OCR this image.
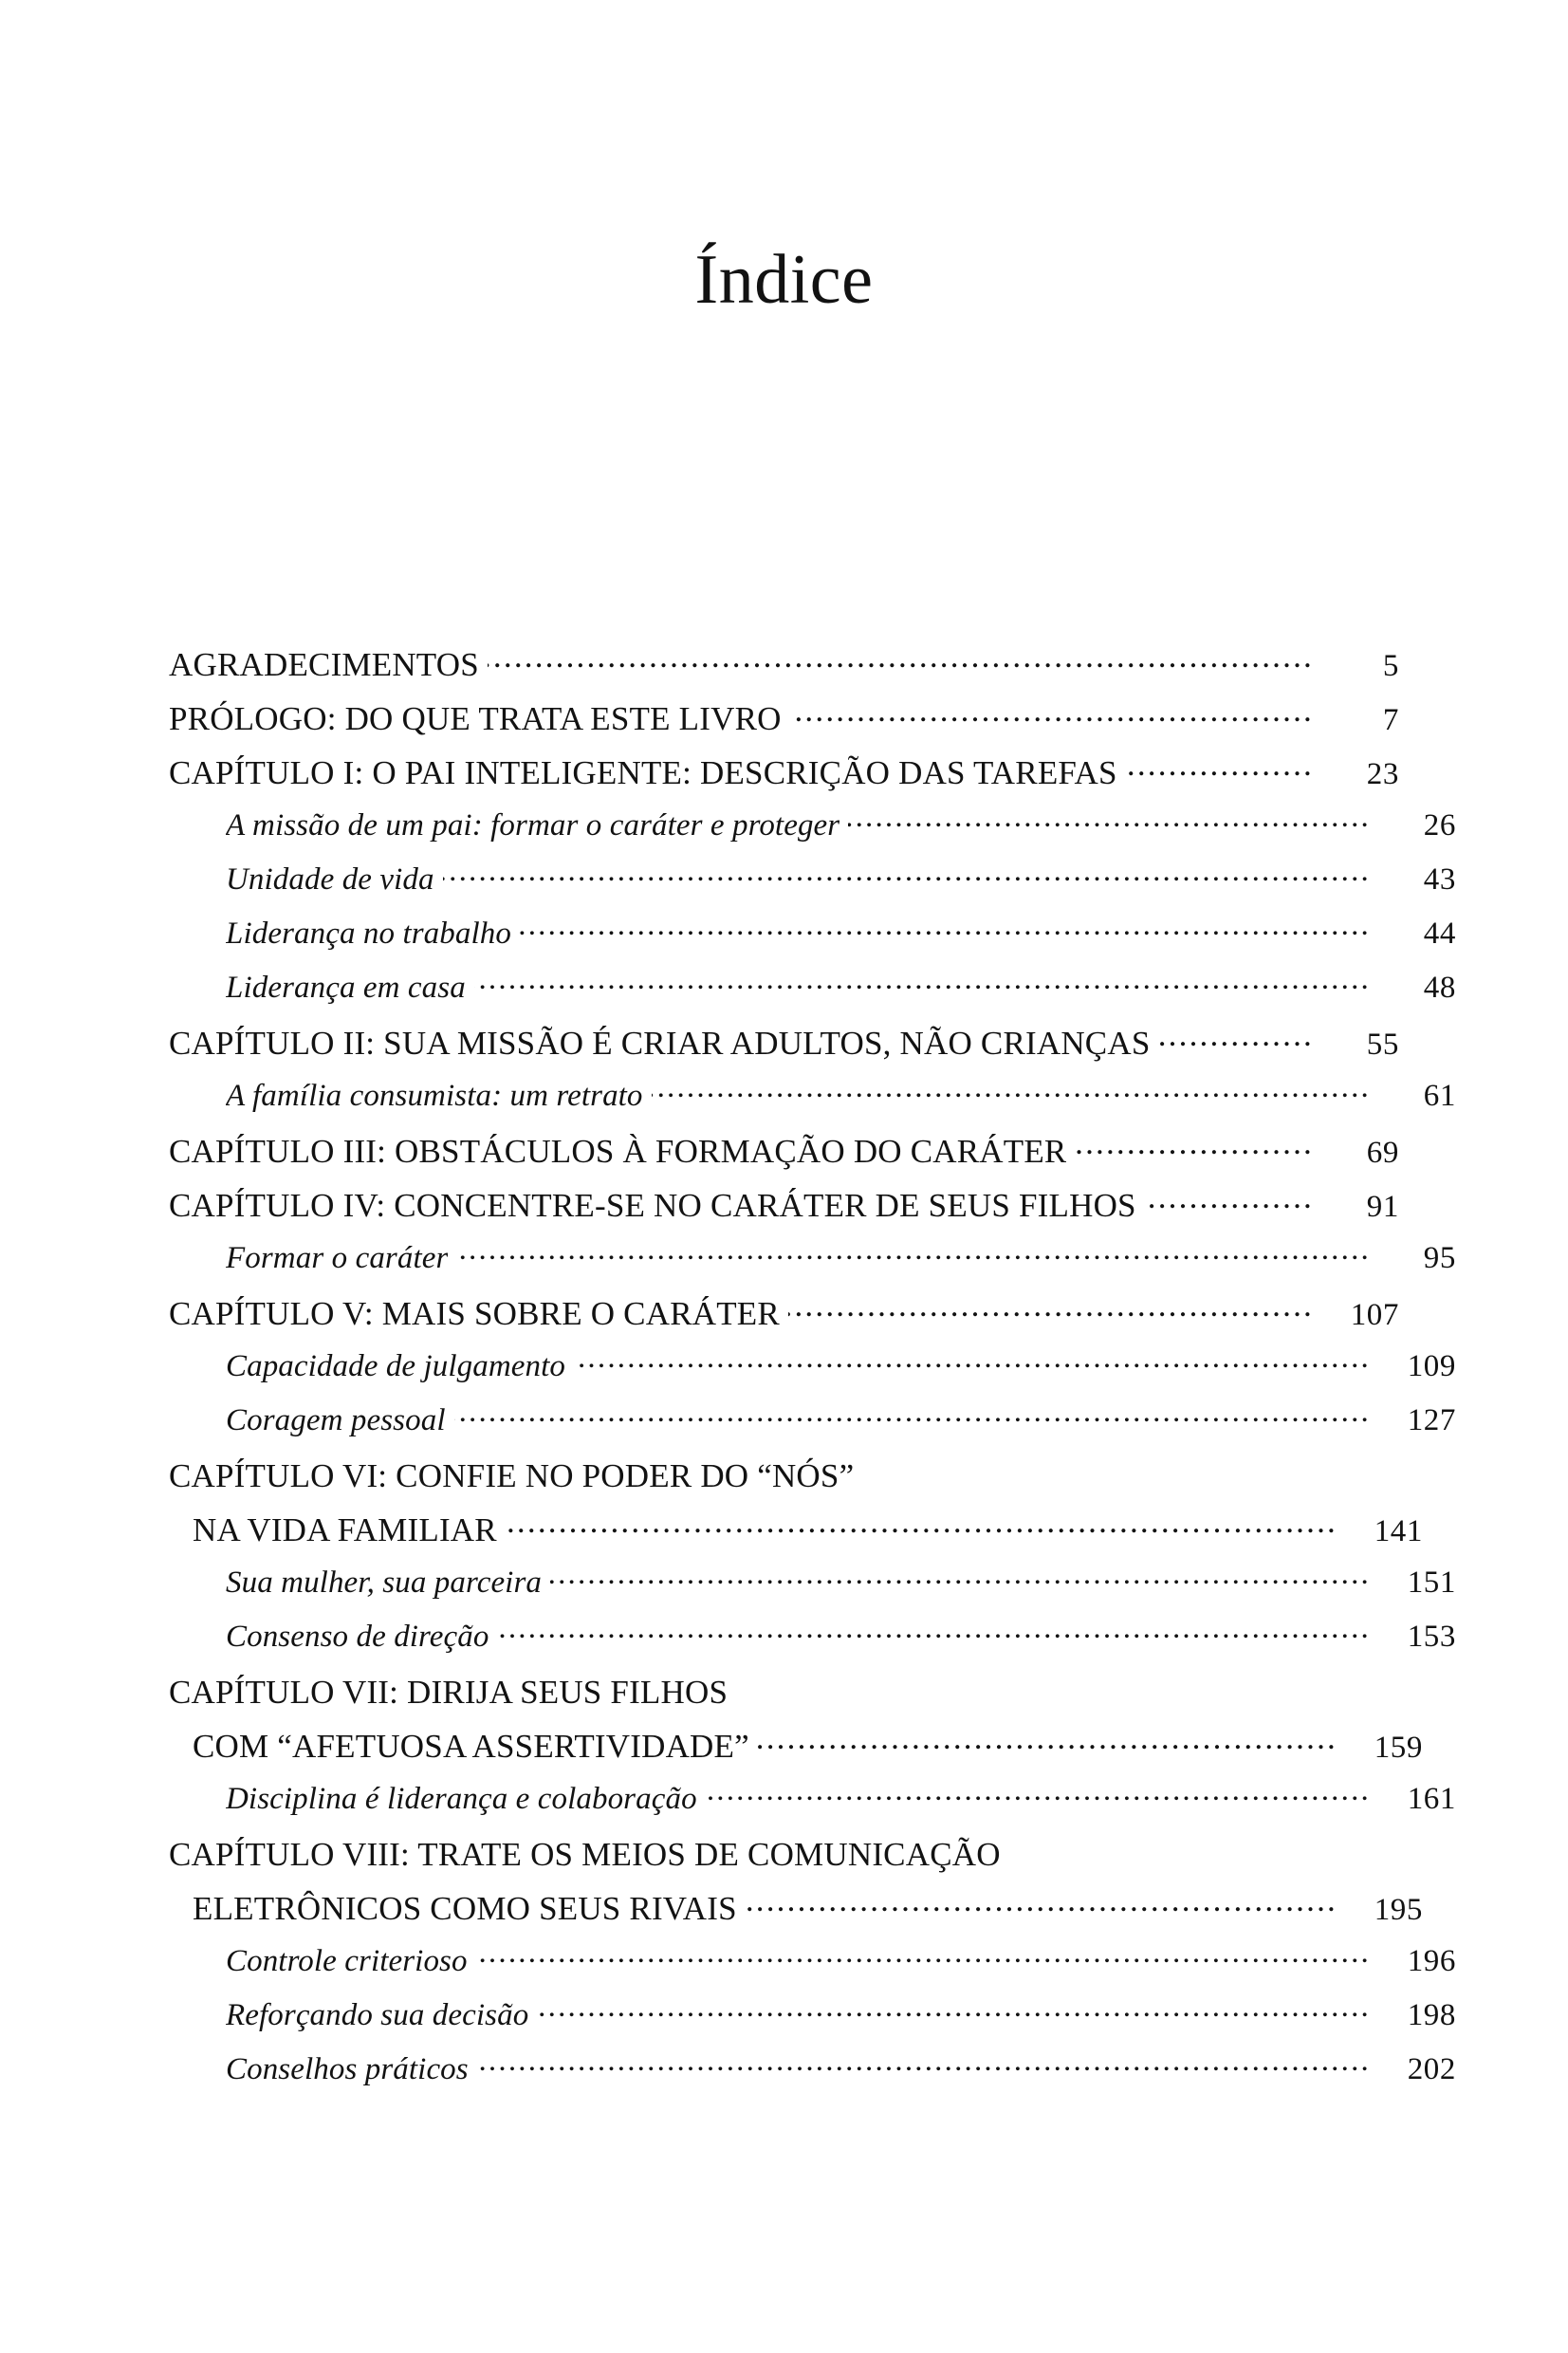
Índice
AGRADECIMENTOS .....	5
PRÓLOGO: DO QUE TRATA ESTE LIVRO .....	7
CAPÍTULO I: O PAI INTELIGENTE: DESCRIÇÃO DAS TAREFAS .....	23
A missão de um pai: formar o caráter e proteger .....	26
Unidade de vida .....	43
Liderança no trabalho .....	44
Liderança em casa .....	48
CAPÍTULO II: SUA MISSÃO É CRIAR ADULTOS, NÃO CRIANÇAS .....	55
A família consumista: um retrato .....	61
CAPÍTULO III: OBSTÁCULOS À FORMAÇÃO DO CARÁTER .....	69
CAPÍTULO IV: CONCENTRE-SE NO CARÁTER DE SEUS FILHOS .....	91
Formar o caráter .....	95
CAPÍTULO V: MAIS SOBRE O CARÁTER .....	107
Capacidade de julgamento .....	109
Coragem pessoal .....	127
CAPÍTULO VI: CONFIE NO PODER DO “NÓS”
NA VIDA FAMILIAR .....	141
Sua mulher, sua parceira .....	151
Consenso de direção .....	153
CAPÍTULO VII: DIRIJA SEUS FILHOS
COM “AFETUOSA ASSERTIVIDADE” .....	159
Disciplina é liderança e colaboração .....	161
CAPÍTULO VIII: TRATE OS MEIOS DE COMUNICAÇÃO
ELETRÔNICOS COMO SEUS RIVAIS .....	195
Controle criterioso .....	196
Reforçando sua decisão .....	198
Conselhos práticos .....	202
